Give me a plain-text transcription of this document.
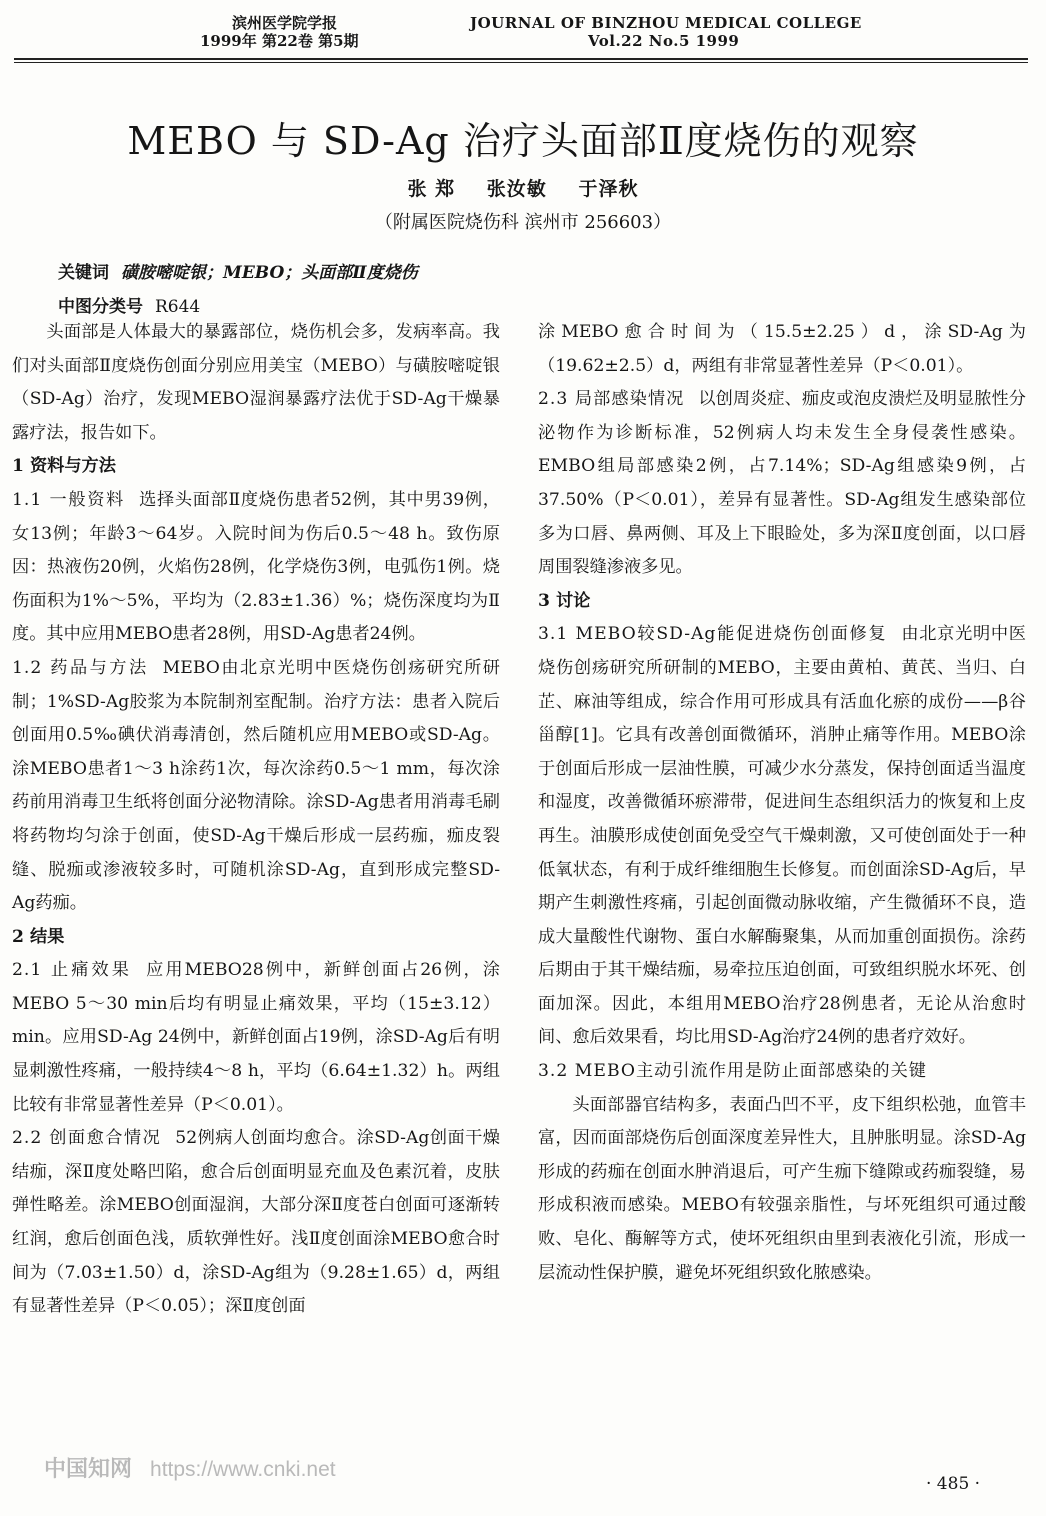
滨州医学院学报
1999年 第22卷 第5期
JOURNAL OF BINZHOU MEDICAL COLLEGE
Vol.22 No.5 1999
MEBO 与 SD-Ag 治疗头面部Ⅱ度烧伤的观察
张 郑 张汝敏 于泽秋
（附属医院烧伤科 滨州市 256603）
关键词 磺胺嘧啶银；MEBO；头面部Ⅱ度烧伤
中图分类号 R644

头面部是人体最大的暴露部位，烧伤机会多，发病率高。我们对头面部Ⅱ度烧伤创面分别应用美宝（MEBO）与磺胺嘧啶银（SD-Ag）治疗，发现MEBO湿润暴露疗法优于SD-Ag干燥暴露疗法，报告如下。

1 资料与方法

1.1 一般资料 选择头面部Ⅱ度烧伤患者52例，其中男39例，女13例；年龄3～64岁。入院时间为伤后0.5～48 h。致伤原因：热液伤20例，火焰伤28例，化学烧伤3例，电弧伤1例。烧伤面积为1%～5%，平均为（2.83±1.36）%；烧伤深度均为Ⅱ度。其中应用MEBO患者28例，用SD-Ag患者24例。

1.2 药品与方法 MEBO由北京光明中医烧伤创疡研究所研制；1%SD-Ag胶浆为本院制剂室配制。治疗方法：患者入院后创面用0.5‰碘伏消毒清创，然后随机应用MEBO或SD-Ag。涂MEBO患者1～3 h涂药1次，每次涂药0.5～1 mm，每次涂药前用消毒卫生纸将创面分泌物清除。涂SD-Ag患者用消毒毛刷将药物均匀涂于创面，使SD-Ag干燥后形成一层药痂，痂皮裂缝、脱痂或渗液较多时，可随机涂SD-Ag，直到形成完整SD-Ag药痂。

2 结果

2.1 止痛效果 应用MEBO28例中，新鲜创面占26例，涂MEBO 5～30 min后均有明显止痛效果，平均（15±3.12）min。应用SD-Ag 24例中，新鲜创面占19例，涂SD-Ag后有明显刺激性疼痛，一般持续4～8 h，平均（6.64±1.32）h。两组比较有非常显著性差异（P＜0.01）。

2.2 创面愈合情况 52例病人创面均愈合。涂SD-Ag创面干燥结痂，深Ⅱ度处略凹陷，愈合后创面明显充血及色素沉着，皮肤弹性略差。涂MEBO创面湿润，大部分深Ⅱ度苍白创面可逐渐转红润，愈后创面色浅，质软弹性好。浅Ⅱ度创面涂MEBO愈合时间为（7.03±1.50）d，涂SD-Ag组为（9.28±1.65）d，两组有显著性差异（P＜0.05）；深Ⅱ度创面

涂MEBO愈合时间为（15.5±2.25）d，涂SD-Ag为（19.62±2.5）d，两组有非常显著性差异（P＜0.01）。

2.3 局部感染情况 以创周炎症、痂皮或泡皮溃烂及明显脓性分泌物作为诊断标准，52例病人均未发生全身侵袭性感染。EMBO组局部感染2例，占7.14%；SD-Ag组感染9例，占37.50%（P＜0.01），差异有显著性。SD-Ag组发生感染部位多为口唇、鼻两侧、耳及上下眼睑处，多为深Ⅱ度创面，以口唇周围裂缝渗液多见。

3 讨论

3.1 MEBO较SD-Ag能促进烧伤创面修复 由北京光明中医烧伤创疡研究所研制的MEBO，主要由黄柏、黄芪、当归、白芷、麻油等组成，综合作用可形成具有活血化瘀的成份——β谷甾醇[1]。它具有改善创面微循环，消肿止痛等作用。MEBO涂于创面后形成一层油性膜，可减少水分蒸发，保持创面适当温度和湿度，改善微循环瘀滞带，促进间生态组织活力的恢复和上皮再生。油膜形成使创面免受空气干燥刺激，又可使创面处于一种低氧状态，有利于成纤维细胞生长修复。而创面涂SD-Ag后，早期产生刺激性疼痛，引起创面微动脉收缩，产生微循环不良，造成大量酸性代谢物、蛋白水解酶聚集，从而加重创面损伤。涂药后期由于其干燥结痂，易牵拉压迫创面，可致组织脱水坏死、创面加深。因此，本组用MEBO治疗28例患者，无论从治愈时间、愈后效果看，均比用SD-Ag治疗24例的患者疗效好。

3.2 MEBO主动引流作用是防止面部感染的关键

头面部器官结构多，表面凸凹不平，皮下组织松弛，血管丰富，因而面部烧伤后创面深度差异性大，且肿胀明显。涂SD-Ag形成的药痂在创面水肿消退后，可产生痂下缝隙或药痂裂缝，易形成积液而感染。MEBO有较强亲脂性，与坏死组织可通过酸败、皂化、酶解等方式，使坏死组织由里到表液化引流，形成一层流动性保护膜，避免坏死组织致化脓感染。

中国知网 https://www.cnki.net
· 485 ·
